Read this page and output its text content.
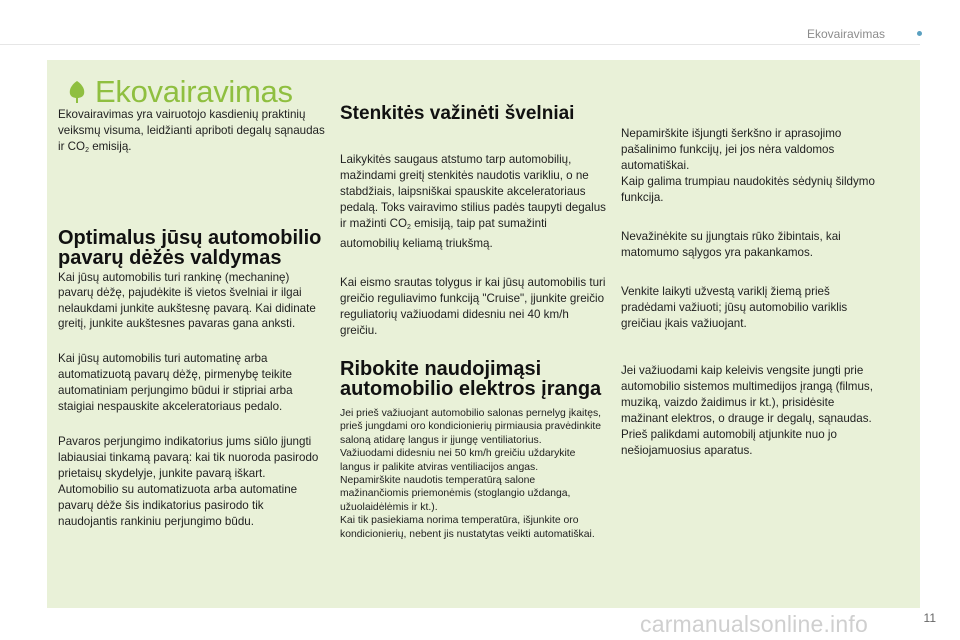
Ekovairavimas
Ekovairavimas

Ekovairavimas yra vairuotojo kasdienių praktinių veiksmų visuma, leidžianti apriboti degalų sąnaudas ir $CO_2$ emisiją.

Optimalus jūsų automobilio
pavarų dėžės valdymas

Kai jūsų automobilis turi rankinę (mechaninę) pavarų dėžę, pajudėkite iš vietos švelniai ir ilgai nelaukdami junkite aukštesnę pavarą. Kai didinate greitį, junkite aukštesnes pavaras gana anksti.

Kai jūsų automobilis turi automatinę arba automatizuotą pavarų dėžę, pirmenybę teikite automatiniam perjungimo būdui ir stipriai arba staigiai nespauskite akceleratoriaus pedalo.

Pavaros perjungimo indikatorius jums siūlo įjungti labiausiai tinkamą pavarą: kai tik nuoroda pasirodo prietaisų skydelyje, junkite pavarą iškart.

Automobilio su automatizuota arba automatine pavarų dėže šis indikatorius pasirodo tik naudojantis rankiniu perjungimo būdu.

Stenkitės važinėti švelniai

Laikykitės saugaus atstumo tarp automobilių, mažindami greitį stenkitės naudotis varikliu, o ne stabdžiais, laipsniškai spauskite akceleratoriaus pedalą. Toks vairavimo stilius padės taupyti degalus ir mažinti $CO_2$ emisiją, taip pat sumažinti automobilių keliamą triukšmą.

Kai eismo srautas tolygus ir kai jūsų automobilis turi greičio reguliavimo funkciją "Cruise", įjunkite greičio reguliatorių važiuodami didesniu nei 40 km/h greičiu.

Ribokite naudojimąsi
automobilio elektros įranga

Jei prieš važiuojant automobilio salonas pernelyg įkaitęs, prieš jungdami oro kondicionierių pirmiausia pravėdinkite saloną atidarę langus ir įjungę ventiliatorius.

Važiuodami didesniu nei 50 km/h greičiu uždarykite langus ir palikite atviras ventiliacijos angas.

Nepamirškite naudotis temperatūrą salone mažinančiomis priemonėmis (stoglangio uždanga, užuolaidėlėmis ir kt.).

Kai tik pasiekiama norima temperatūra, išjunkite oro kondicionierių, nebent jis nustatytas veikti automatiškai.

Nepamirškite išjungti šerkšno ir aprasojimo pašalinimo funkcijų, jei jos nėra valdomos automatiškai.

Kaip galima trumpiau naudokitės sėdynių šildymo funkcija.

Nevažinėkite su įjungtais rūko žibintais, kai matomumo sąlygos yra pakankamos.

Venkite laikyti užvestą variklį žiemą prieš pradėdami važiuoti; jūsų automobilio variklis greičiau įkais važiuojant.

Jei važiuodami kaip keleivis vengsite jungti prie automobilio sistemos multimedijos įrangą (filmus, muziką, vaizdo žaidimus ir kt.), prisidėsite mažinant elektros, o drauge ir degalų, sąnaudas.

Prieš palikdami automobilį atjunkite nuo jo nešiojamuosius aparatus.

carmanualsonline.info	11
